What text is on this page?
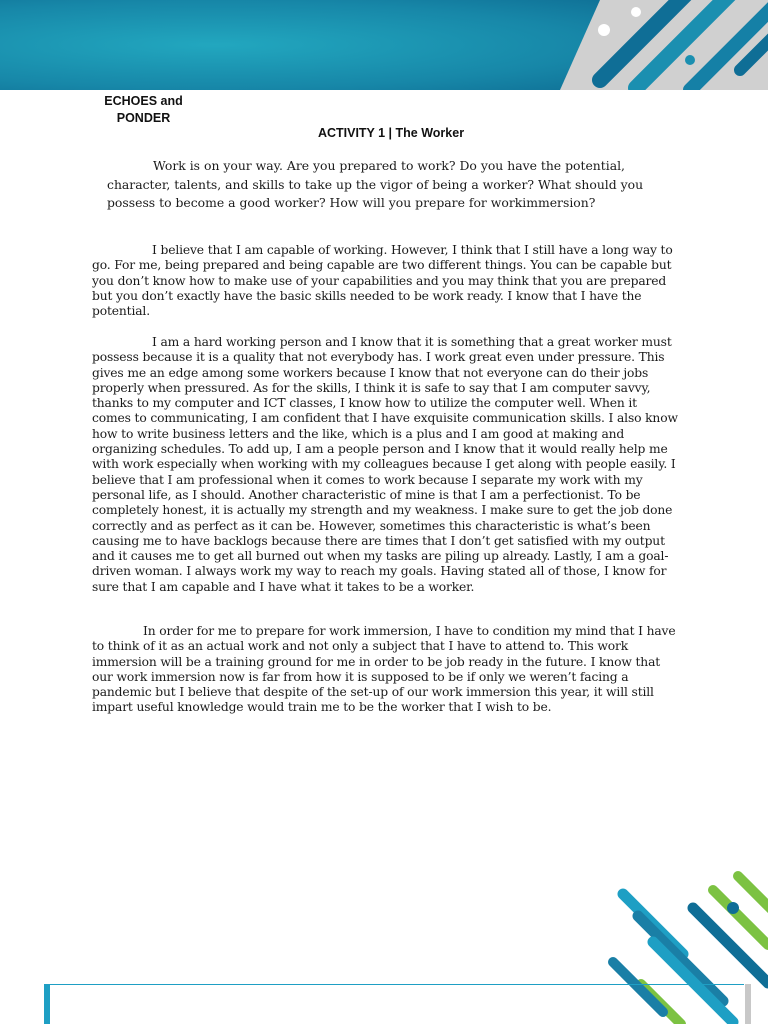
ECHOES and PONDER
ACTIVITY 1 | The Worker
Work is on your way. Are you prepared to work? Do you have the potential, character, talents, and skills to take up the vigor of being a worker? What should you possess to become a good worker? How will you prepare for workimmersion?
I believe that I am capable of working. However, I think that I still have a long way to go. For me, being prepared and being capable are two different things. You can be capable but you don’t know how to make use of your capabilities and you may think that you are prepared but you don’t exactly have the basic skills needed to be work ready. I know that I have the potential.
I am a hard working person and I know that it is something that a great worker must possess because it is a quality that not everybody has. I work great even under pressure. This gives me an edge among some workers because I know that not everyone can do their jobs properly when pressured. As for the skills, I think it is safe to say that I am computer savvy, thanks to my computer and ICT classes, I know how to utilize the computer well. When it comes to communicating, I am confident that I have exquisite communication skills. I also know how to write business letters and the like, which is a plus and I am good at making and organizing schedules. To add up, I am a people person and I know that it would really help me with work especially when working with my colleagues because I get along with people easily. I believe that I am professional when it comes to work because I separate my work with my personal life, as I should. Another characteristic of mine is that I am a perfectionist. To be completely honest, it is actually my strength and my weakness. I make sure to get the job done correctly and as perfect as it can be. However, sometimes this characteristic is what’s been causing me to have backlogs because there are times that I don’t get satisfied with my output and it causes me to get all burned out when my tasks are piling up already. Lastly, I am a goal-driven woman. I always work my way to reach my goals. Having stated all of those, I know for sure that I am capable and I have what it takes to be a worker.
In order for me to prepare for work immersion, I have to condition my mind that I have to think of it as an actual work and not only a subject that I have to attend to. This work immersion will be a training ground for me in order to be job ready in the future. I know that our work immersion now is far from how it is supposed to be if only we weren’t facing a pandemic but I believe that despite of the set-up of our work immersion this year, it will still impart useful knowledge would train me to be the worker that I wish to be.
